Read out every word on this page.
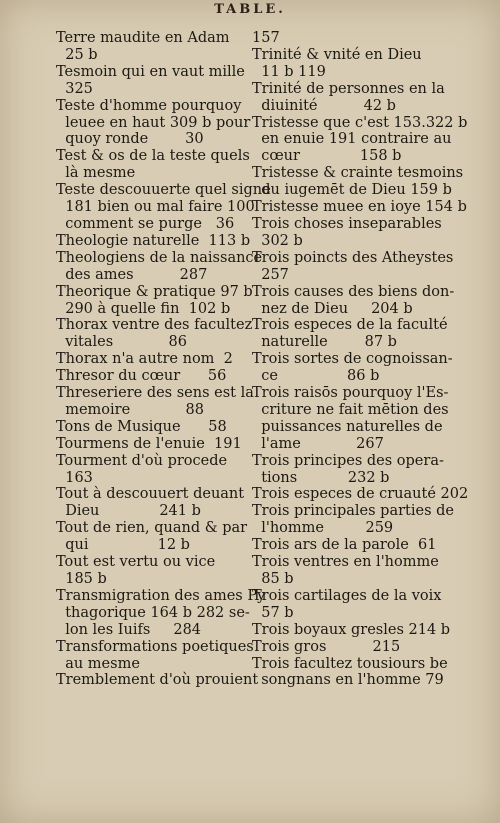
TABLE.
Terre maudite en Adam
25 b
Tesmoin qui en vaut mille
325
Teste d'homme pourquoy
leuee en haut 309 b pour
quoy ronde        30
Test & os de la teste quels
là mesme
Teste descouuerte quel signe
181 bien ou mal faire 100
comment se purge   36
Theologie naturelle  113 b
Theologiens de la naissance
des ames          287
Theorique & pratique 97 b
290 à quelle fin  102 b
Thorax ventre des facultez
vitales            86
Thorax n'a autre nom  2
Thresor du cœur      56
Threseriere des sens est la
memoire            88
Tons de Musique      58
Tourmens de l'enuie  191
Tourment d'où procede
163
Tout à descouuert deuant
Dieu             241 b
Tout de rien, quand & par
qui               12 b
Tout est vertu ou vice
185 b
Transmigration des ames Py
thagorique 164 b 282 se-
lon les Iuifs     284
Transformations poetiques
au mesme
Tremblement d'où prouient
157
Trinité & vnité en Dieu
11 b 119
Trinité de personnes en la
diuinité          42 b
Tristesse que c'est 153.322 b
en enuie 191 contraire au
cœur             158 b
Tristesse & crainte tesmoins
du iugemēt de Dieu 159 b
Tristesse muee en ioye 154 b
Trois choses inseparables
302 b
Trois poincts des Atheystes
257
Trois causes des biens don-
nez de Dieu     204 b
Trois especes de la faculté
naturelle        87 b
Trois sortes de cognoissan-
ce               86 b
Trois raisōs pourquoy l'Es-
criture ne fait mētion des
puissances naturelles de
l'ame            267
Trois principes des opera-
tions           232 b
Trois especes de cruauté 202
Trois principales parties de
l'homme         259
Trois ars de la parole  61
Trois ventres en l'homme
85 b
Trois cartilages de la voix
57 b
Trois boyaux gresles 214 b
Trois gros          215
Trois facultez tousiours be
songnans en l'homme 79
